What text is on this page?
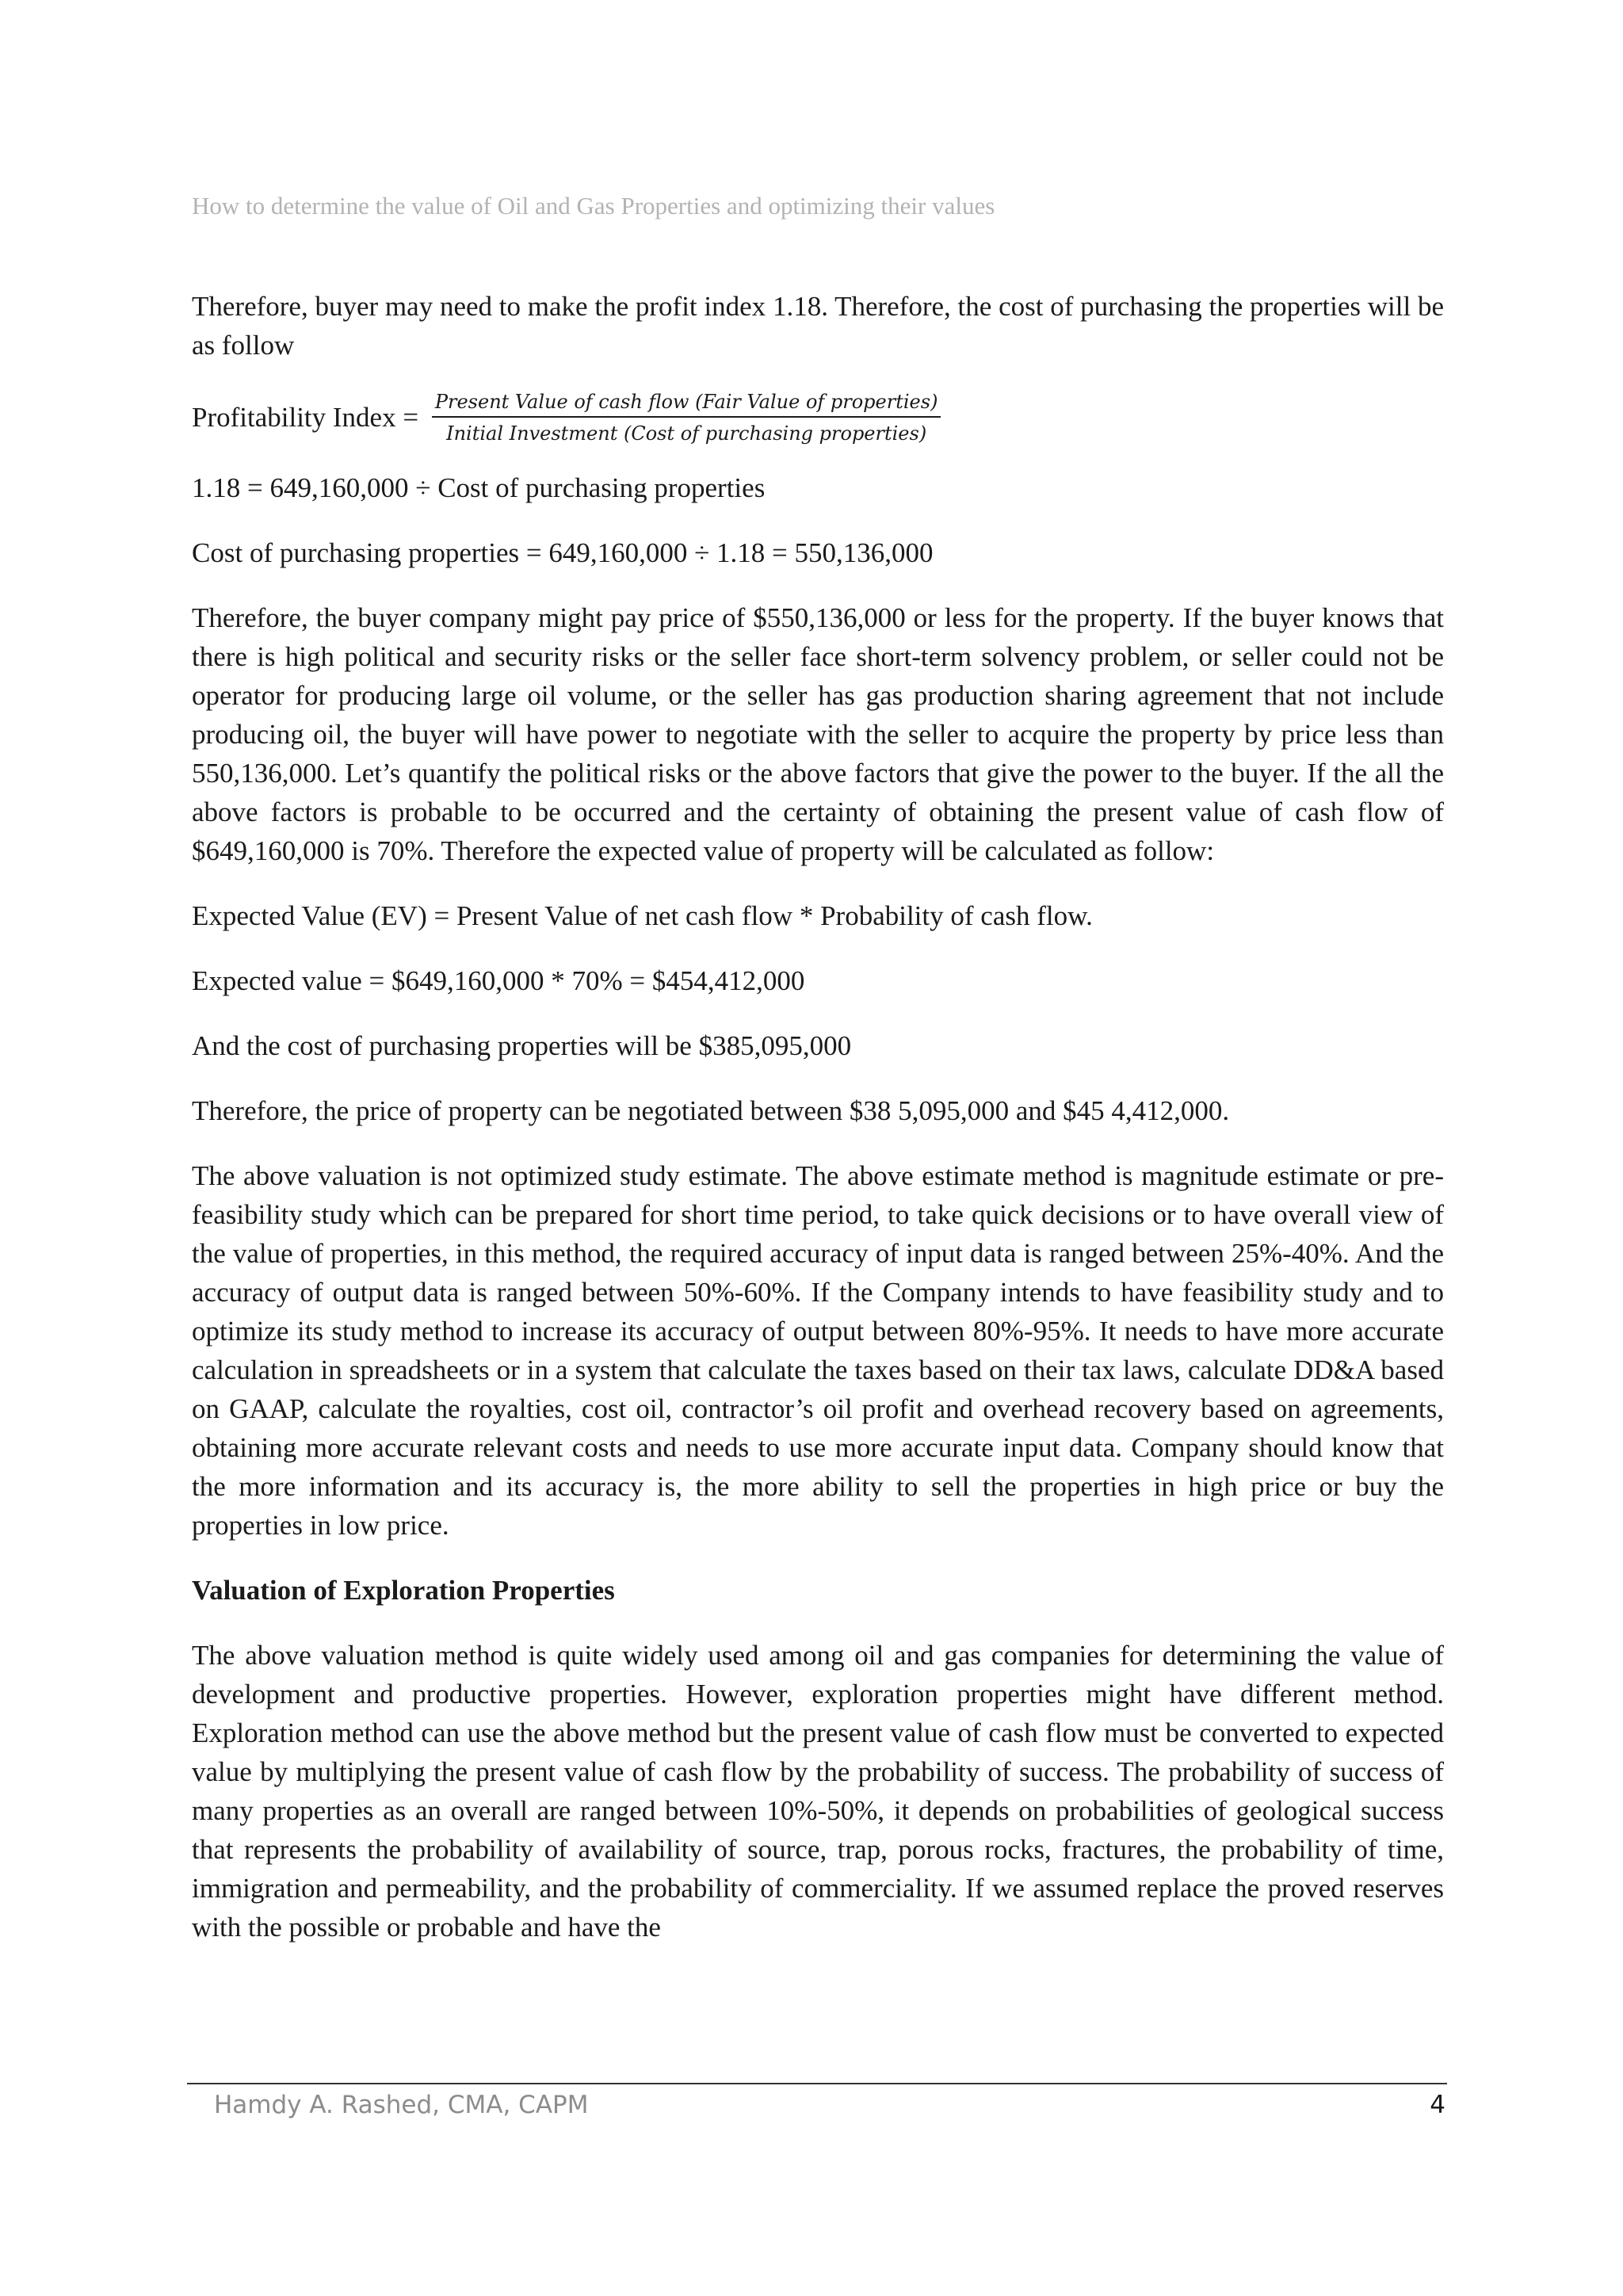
How to determine the value of Oil and Gas Properties and optimizing their values

Therefore, buyer may need to make the profit index 1.18. Therefore, the cost of purchasing the properties will be as follow

Profitability Index = $\frac{\text{Present Value of cash flow (Fair Value of properties)}}{\text{Initial Investment (Cost of purchasing properties)}}$

1.18 = 649,160,000 ÷ Cost of purchasing properties

Cost of purchasing properties = 649,160,000 ÷ 1.18 = 550,136,000

Therefore, the buyer company might pay price of $550,136,000 or less for the property. If the buyer knows that there is high political and security risks or the seller face short-term solvency problem, or seller could not be operator for producing large oil volume, or the seller has gas production sharing agreement that not include producing oil, the buyer will have power to negotiate with the seller to acquire the property by price less than 550,136,000. Let’s quantify the political risks or the above factors that give the power to the buyer. If the all the above factors is probable to be occurred and the certainty of obtaining the present value of cash flow of $649,160,000 is 70%. Therefore the expected value of property will be calculated as follow:

Expected Value (EV) = Present Value of net cash flow * Probability of cash flow.

Expected value = $649,160,000 * 70% = $454,412,000

And the cost of purchasing properties will be $385,095,000

Therefore, the price of property can be negotiated between $38 5,095,000 and $45 4,412,000.

The above valuation is not optimized study estimate. The above estimate method is magnitude estimate or pre-feasibility study which can be prepared for short time period, to take quick decisions or to have overall view of the value of properties, in this method, the required accuracy of input data is ranged between 25%-40%. And the accuracy of output data is ranged between 50%-60%. If the Company intends to have feasibility study and to optimize its study method to increase its accuracy of output between 80%-95%. It needs to have more accurate calculation in spreadsheets or in a system that calculate the taxes based on their tax laws, calculate DD&A based on GAAP, calculate the royalties, cost oil, contractor’s oil profit and overhead recovery based on agreements, obtaining more accurate relevant costs and needs to use more accurate input data. Company should know that the more information and its accuracy is, the more ability to sell the properties in high price or buy the properties in low price.

Valuation of Exploration Properties

The above valuation method is quite widely used among oil and gas companies for determining the value of development and productive properties. However, exploration properties might have different method. Exploration method can use the above method but the present value of cash flow must be converted to expected value by multiplying the present value of cash flow by the probability of success. The probability of success of many properties as an overall are ranged between 10%-50%, it depends on probabilities of geological success that represents the probability of availability of source, trap, porous rocks, fractures, the probability of time, immigration and permeability, and the probability of commerciality. If we assumed replace the proved reserves with the possible or probable and have the

Hamdy A. Rashed, CMA, CAPM	4
